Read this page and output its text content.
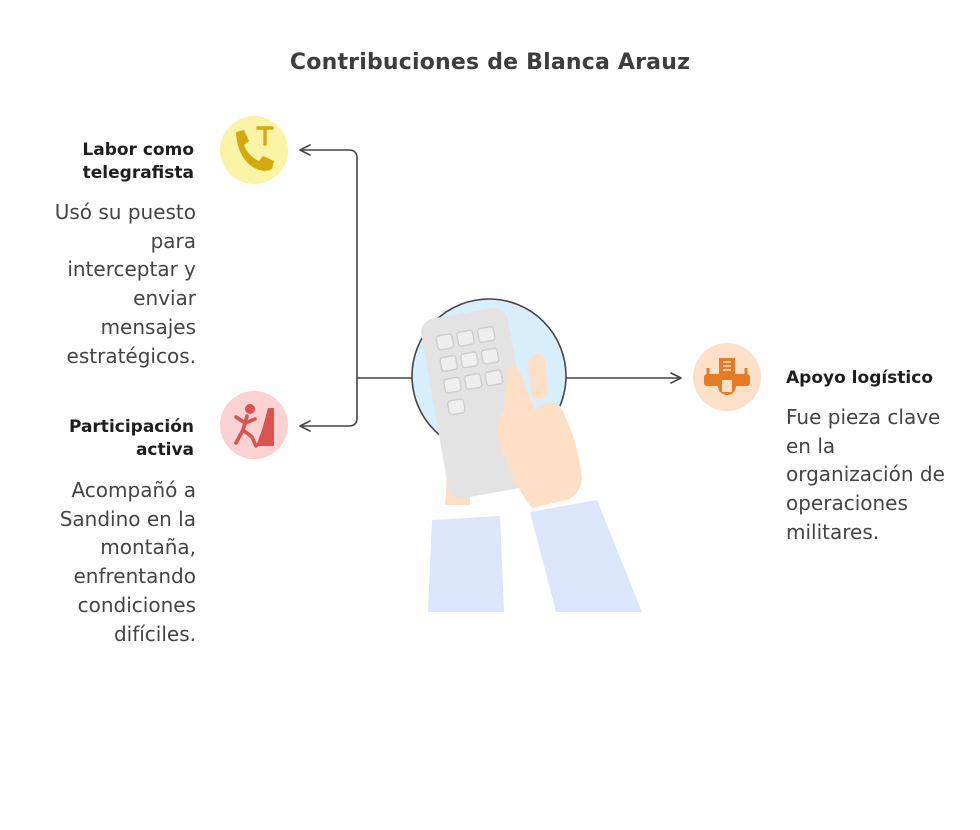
Contribuciones de Blanca Arauz
Labor como telegrafista
Usó su puesto para interceptar y enviar mensajes estratégicos.
Participación activa
Acompañó a Sandino en la montaña, enfrentando condiciones difíciles.
Apoyo logístico
Fue pieza clave en la organización de operaciones militares.
